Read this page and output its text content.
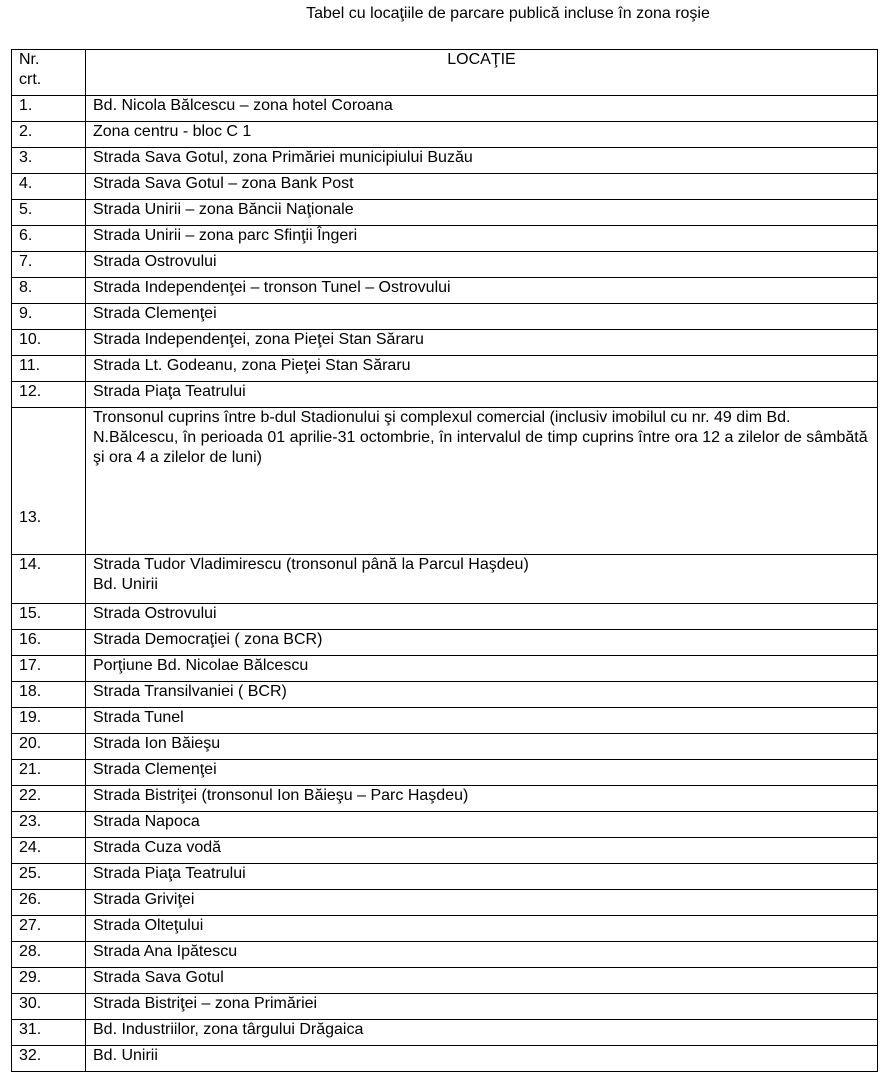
Tabel cu locaţiile de parcare publică incluse în zona roşie
Nr.
crt.	LOCAŢIE
1.	Bd. Nicola Bălcescu – zona hotel Coroana

2.	Zona centru - bloc C 1

3.	Strada Sava Gotul, zona Primăriei municipiului Buzău

4.	Strada Sava Gotul – zona Bank Post

5.	Strada Unirii – zona Băncii Naţionale

6.	Strada Unirii – zona parc Sfinţii Îngeri

7.	Strada Ostrovului

8.	Strada Independenţei – tronson Tunel – Ostrovului

9.	Strada Clemenţei

10.	Strada Independenţei, zona Pieţei Stan Săraru

11.	Strada Lt. Godeanu, zona Pieţei Stan Săraru

12.	Strada Piaţa Teatrului

13.	Tronsonul cuprins între b-dul Stadionului şi complexul comercial (inclusiv imobilul cu nr. 49 dim Bd. N.Bălcescu, în perioada 01 aprilie-31 octombrie, în intervalul de timp cuprins între ora 12 a zilelor de sâmbătă şi ora 4 a zilelor de luni)

14.	Strada Tudor Vladimirescu (tronsonul până la Parcul Haşdeu)
Bd. Unirii

15.	Strada Ostrovului

16.	Strada Democraţiei ( zona BCR)

17.	Porţiune Bd. Nicolae Bălcescu

18.	Strada Transilvaniei ( BCR)

19.	Strada Tunel

20.	Strada Ion Băieşu

21.	Strada Clemenţei

22.	Strada Bistriţei (tronsonul Ion Băieşu – Parc Haşdeu)

23.	Strada Napoca

24.	Strada Cuza vodă

25.	Strada Piaţa Teatrului

26.	Strada Griviţei

27.	Strada Olteţului

28.	Strada Ana Ipătescu

29.	Strada Sava Gotul

30.	Strada Bistriţei – zona Primăriei

31.	Bd. Industriilor, zona târgului Drăgaica

32.	Bd. Unirii
